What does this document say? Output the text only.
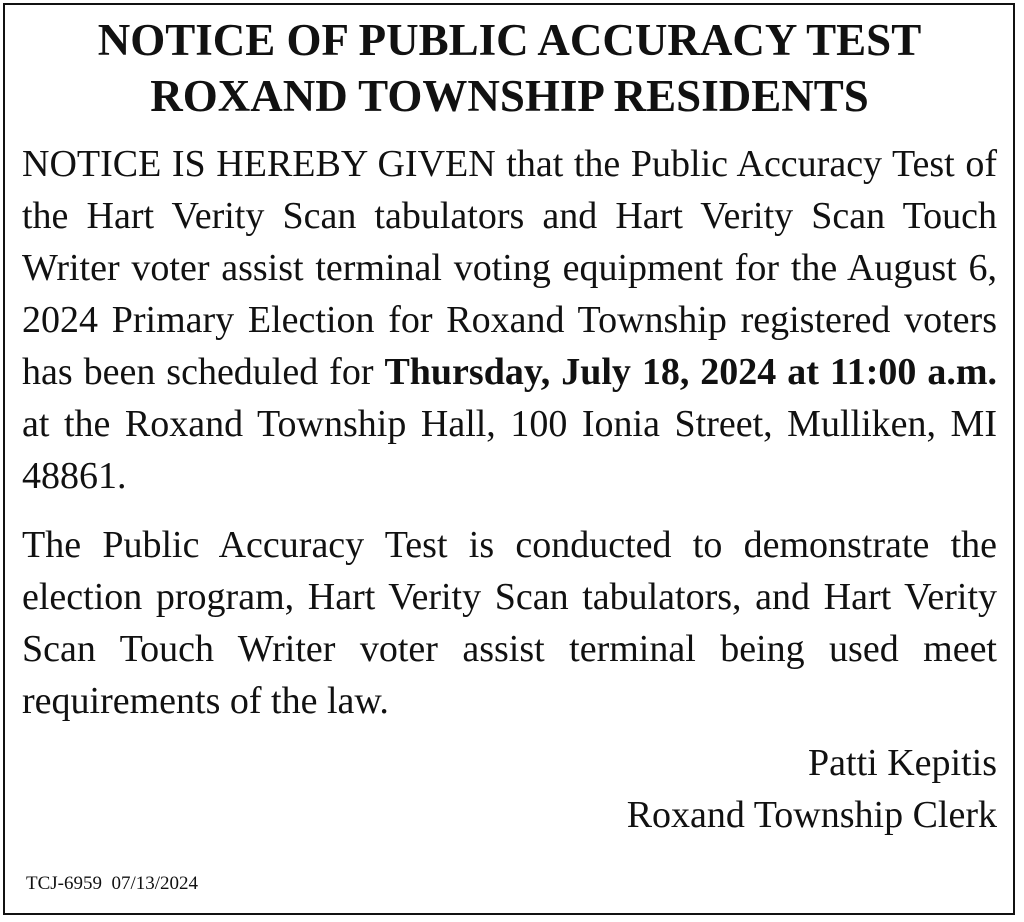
NOTICE OF PUBLIC ACCURACY TEST
ROXAND TOWNSHIP RESIDENTS

NOTICE IS HEREBY GIVEN that the Public Accuracy Test of the Hart Verity Scan tabulators and Hart Verity Scan Touch Writer voter assist terminal voting equipment for the August 6, 2024 Primary Election for Roxand Township registered voters has been scheduled for Thursday, July 18, 2024 at 11:00 a.m. at the Roxand Township Hall, 100 Ionia Street, Mulliken, MI 48861.

The Public Accuracy Test is conducted to demonstrate the election program, Hart Verity Scan tabulators, and Hart Verity Scan Touch Writer voter assist terminal being used meet requirements of the law.

Patti Kepitis
Roxand Township Clerk
TCJ-6959  07/13/2024
